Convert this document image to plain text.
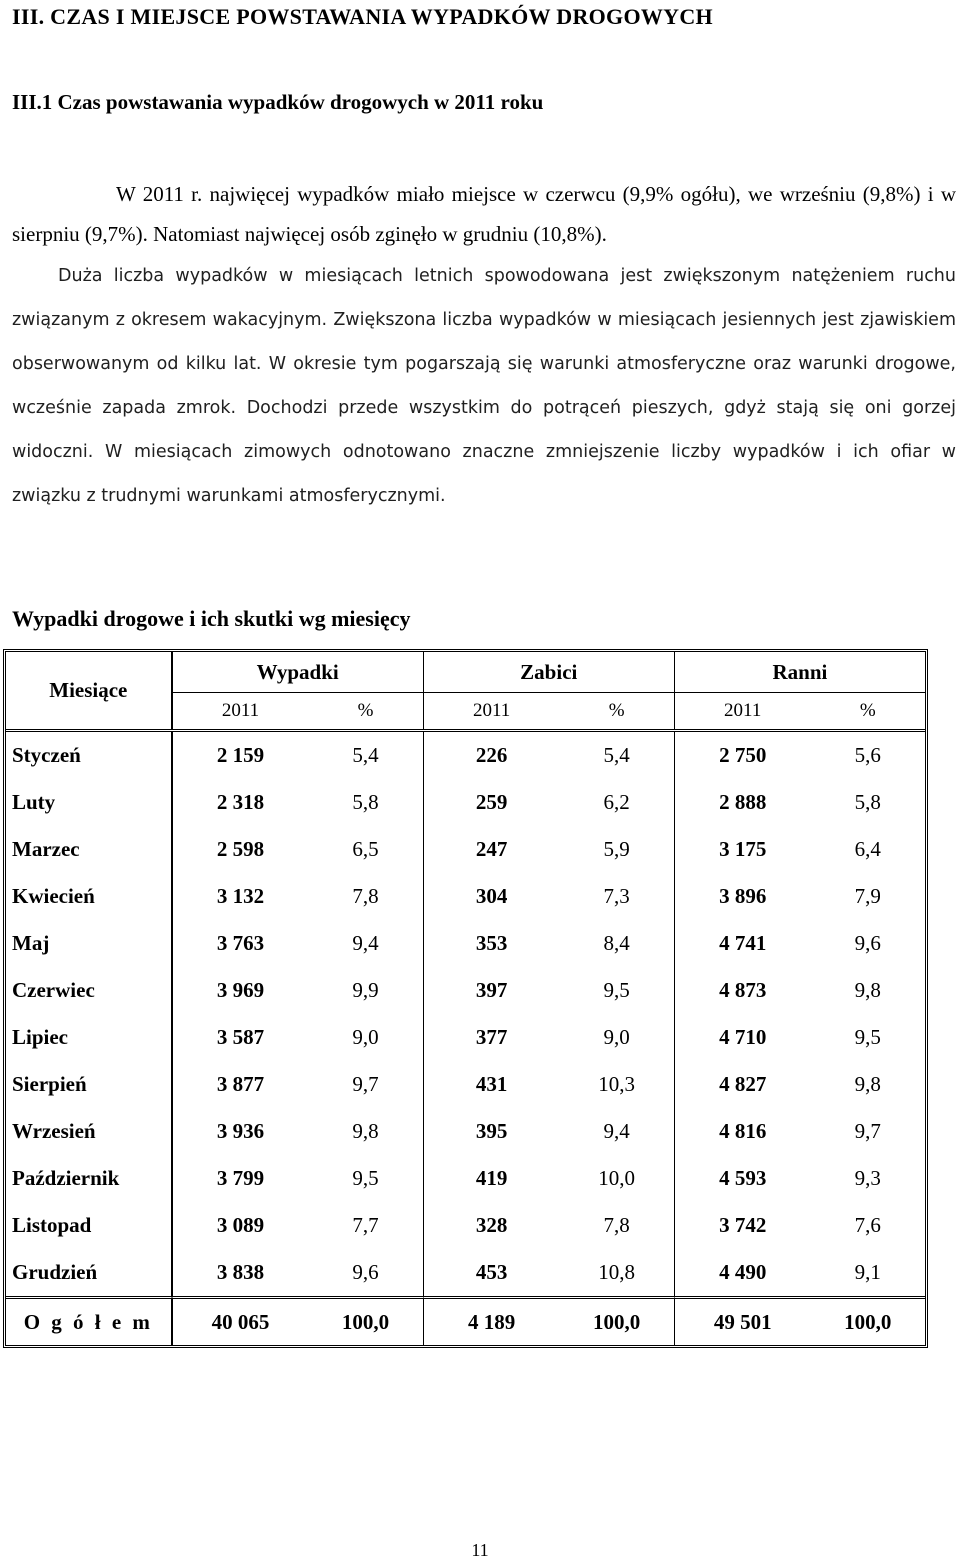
III. CZAS I MIEJSCE POWSTAWANIA WYPADKÓW DROGOWYCH
III.1 Czas powstawania wypadków drogowych w 2011 roku
W 2011 r. najwięcej wypadków miało miejsce w czerwcu (9,9% ogółu), we wrześniu (9,8%) i w sierpniu (9,7%). Natomiast najwięcej osób zginęło w grudniu (10,8%).
Duża liczba wypadków w miesiącach letnich spowodowana jest zwiększonym natężeniem ruchu związanym z okresem wakacyjnym. Zwiększona liczba wypadków w miesiącach jesiennych jest zjawiskiem obserwowanym od kilku lat. W okresie tym pogarszają się warunki atmosferyczne oraz warunki drogowe, wcześnie zapada zmrok. Dochodzi przede wszystkim do potrąceń pieszych, gdyż stają się oni gorzej widoczni. W miesiącach zimowych odnotowano znaczne zmniejszenie liczby wypadków i ich ofiar w związku z trudnymi warunkami atmosferycznymi.
Wypadki drogowe i ich skutki wg miesięcy
Miesiące	Wypadki		Zabici		Ranni	
	2011	%	2011	%	2011	%

Styczeń	2 159	5,4	226	5,4	2 750	5,6
Luty	2 318	5,8	259	6,2	2 888	5,8
Marzec	2 598	6,5	247	5,9	3 175	6,4
Kwiecień	3 132	7,8	304	7,3	3 896	7,9
Maj	3 763	9,4	353	8,4	4 741	9,6
Czerwiec	3 969	9,9	397	9,5	4 873	9,8
Lipiec	3 587	9,0	377	9,0	4 710	9,5
Sierpień	3 877	9,7	431	10,3	4 827	9,8
Wrzesień	3 936	9,8	395	9,4	4 816	9,7
Październik	3 799	9,5	419	10,0	4 593	9,3
Listopad	3 089	7,7	328	7,8	3 742	7,6
Grudzień	3 838	9,6	453	10,8	4 490	9,1
O g ó ł e m	40 065	100,0	4 189	100,0	49 501	100,0
11
